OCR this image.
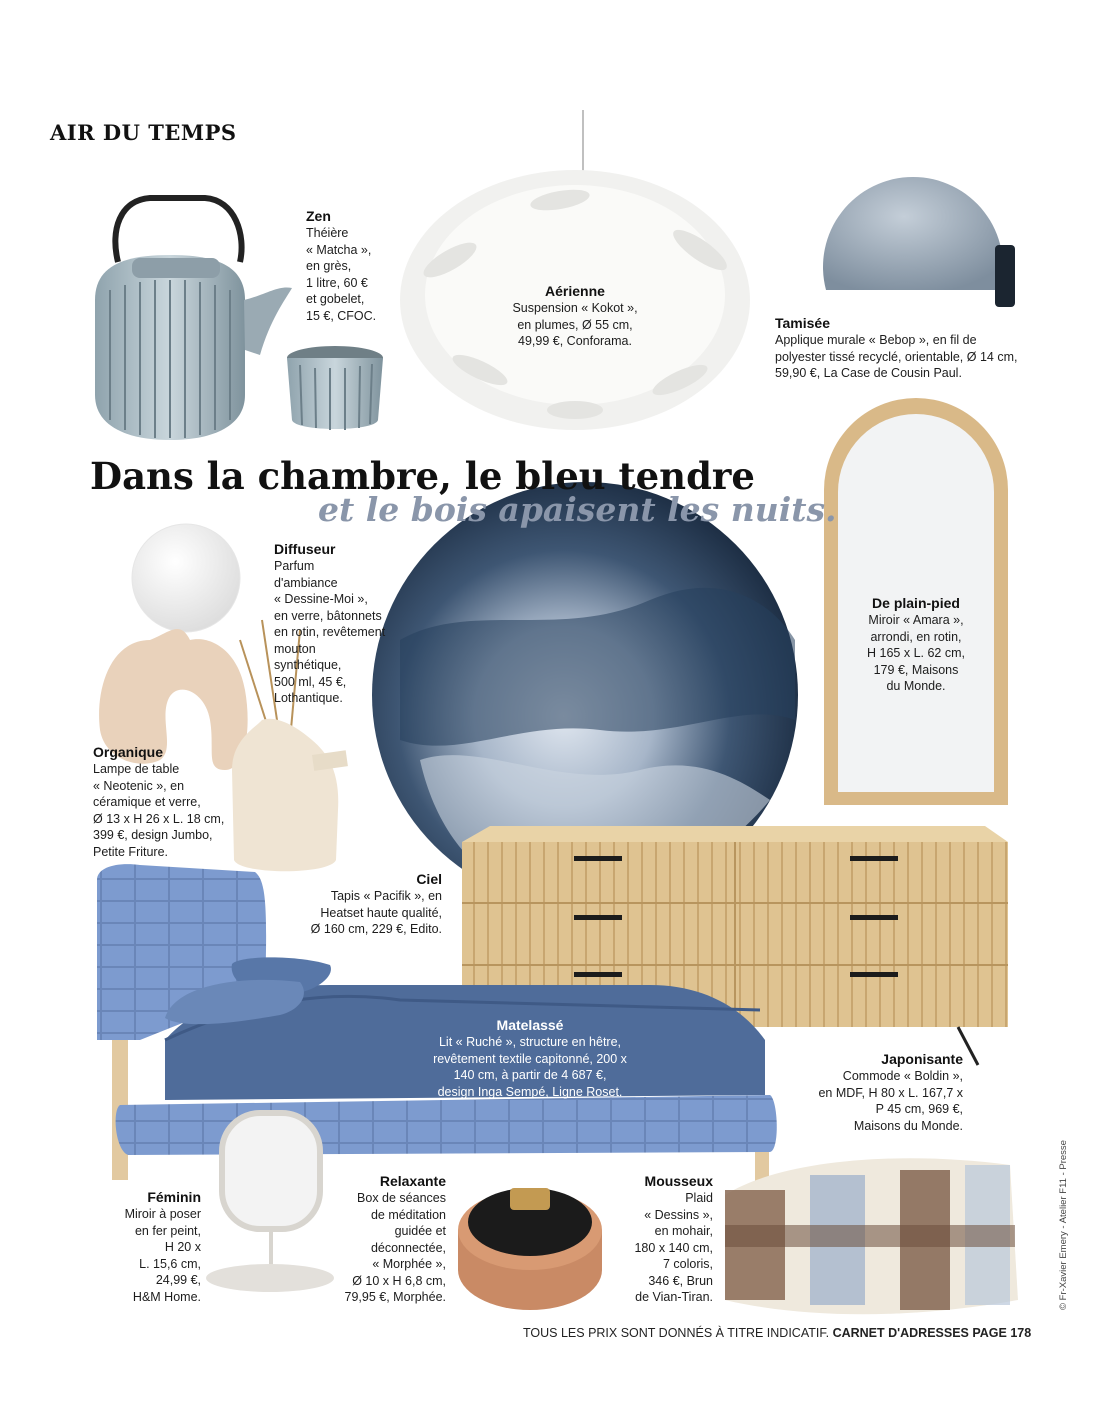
AIR DU TEMPS
Dans la chambre, le bleu tendre
et le bois apaisent les nuits.
Zen
Théière
« Matcha »,
en grès,
1 litre, 60 €
et gobelet,
15 €, CFOC.
Aérienne
Suspension « Kokot »,
en plumes, Ø 55 cm,
49,99 €, Conforama.
Tamisée
Applique murale « Bebop », en fil de
polyester tissé recyclé, orientable, Ø 14 cm,
59,90 €, La Case de Cousin Paul.
Diffuseur
Parfum
d'ambiance
« Dessine-Moi »,
en verre, bâtonnets
en rotin, revêtement
mouton
synthétique,
500 ml, 45 €,
Lothantique.
De plain-pied
Miroir « Amara »,
arrondi, en rotin,
H 165 x L. 62 cm,
179 €, Maisons
du Monde.
Organique
Lampe de table
« Neotenic », en
céramique et verre,
Ø 13 x H 26 x L. 18 cm,
399 €, design Jumbo,
Petite Friture.
Ciel
Tapis « Pacifik », en
Heatset haute qualité,
Ø 160 cm, 229 €, Edito.
Matelassé
Lit « Ruché », structure en hêtre,
revêtement textile capitonné, 200 x
140 cm, à partir de 4 687 €,
design Inga Sempé, Ligne Roset.
Japonisante
Commode « Boldin »,
en MDF, H 80 x L. 167,7 x
P 45 cm, 969 €,
Maisons du Monde.
Féminin
Miroir à poser
en fer peint,
H 20 x
L. 15,6 cm,
24,99 €,
H&M Home.
Relaxante
Box de séances
de méditation
guidée et
déconnectée,
« Morphée »,
Ø 10 x H 6,8 cm,
79,95 €, Morphée.
Mousseux
Plaid
« Dessins »,
en mohair,
180 x 140 cm,
7 coloris,
346 €, Brun
de Vian-Tiran.
TOUS LES PRIX SONT DONNÉS À TITRE INDICATIF. CARNET D'ADRESSES PAGE 178
© Fr-Xavier Emery - Atelier F11 - Presse
